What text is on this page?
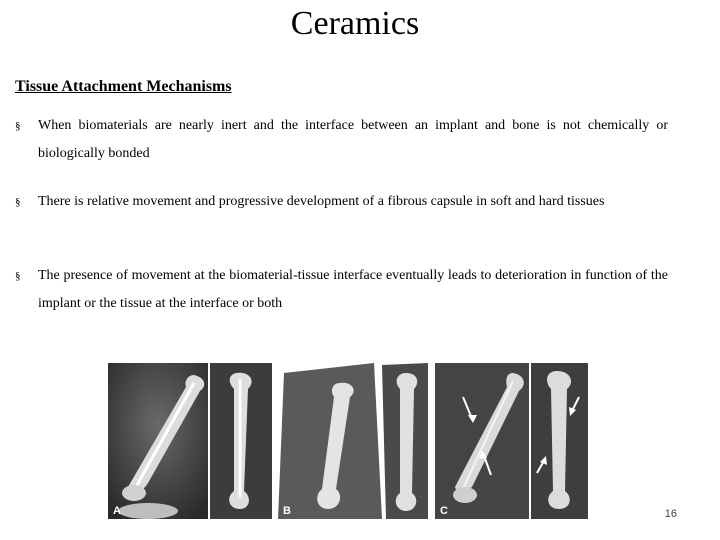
Ceramics
Tissue Attachment Mechanisms
§ When biomaterials are nearly inert and the interface between an implant and bone is not chemically or biologically bonded
§ There is relative movement and progressive development of a fibrous capsule in soft and hard tissues
§ The presence of movement at the biomaterial-tissue interface eventually leads to deterioration in function of the implant or the tissue at the interface or both
A	B	C	16
